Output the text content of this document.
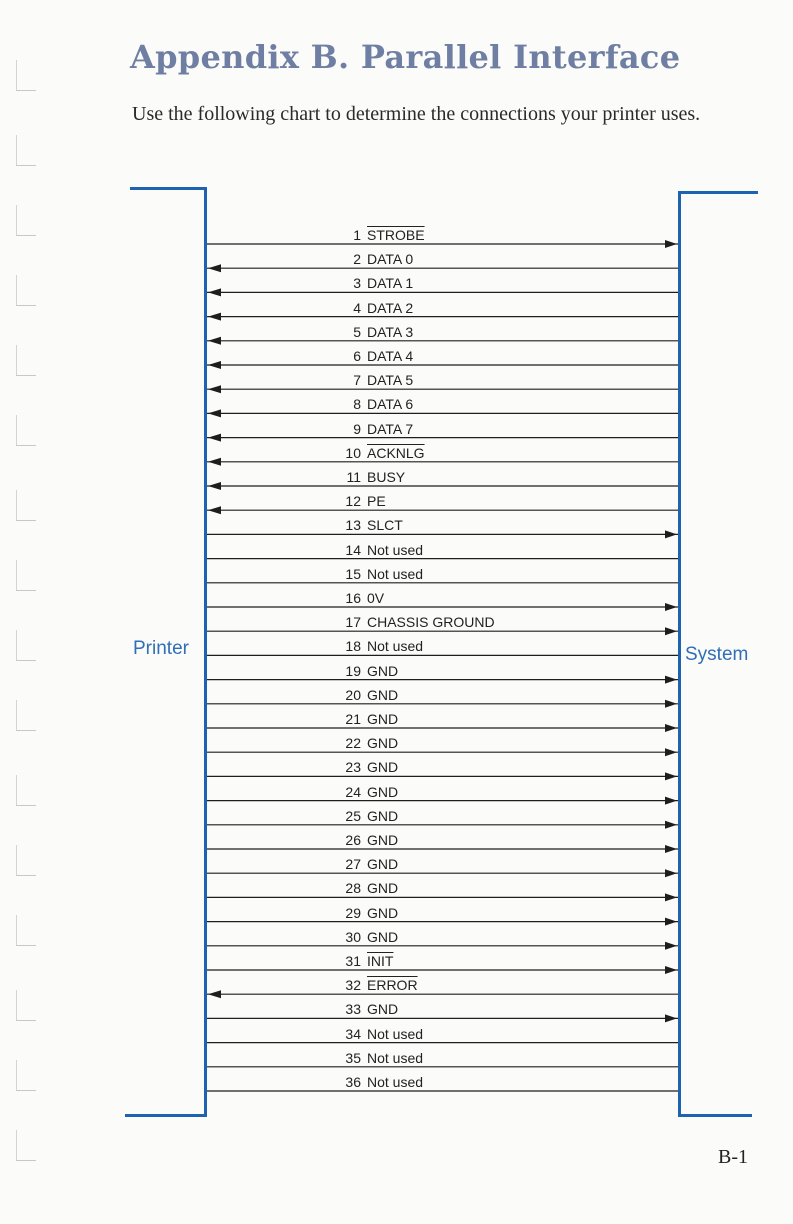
Appendix B. Parallel Interface
Use the following chart to determine the connections your printer uses.
Printer	System
1 STROBE
2 DATA 0
3 DATA 1
4 DATA 2
5 DATA 3
6 DATA 4
7 DATA 5
8 DATA 6
9 DATA 7
10 ACKNLG
11 BUSY
12 PE
13 SLCT
14 Not used
15 Not used
16 0V
17 CHASSIS GROUND
18 Not used
19 GND
20 GND
21 GND
22 GND
23 GND
24 GND
25 GND
26 GND
27 GND
28 GND
29 GND
30 GND
31 INIT
32 ERROR
33 GND
34 Not used
35 Not used
36 Not used
B-1
